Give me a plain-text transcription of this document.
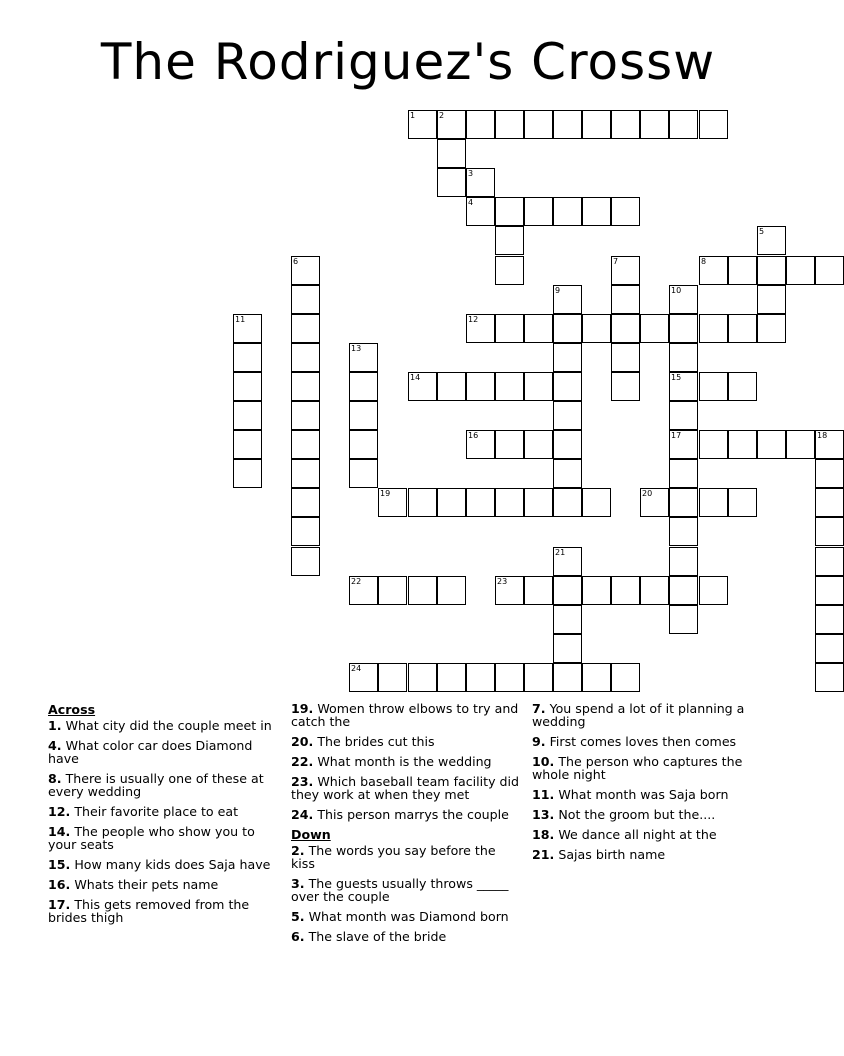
The Rodriguez's Crossw
1	2
3
4
5
6	7	8
9	10
11	12
13
14	15
16	17	18
19	20
21
22	23
24
Across
1. What city did the couple meet in
4. What color car does Diamond have
8. There is usually one of these at every wedding
12. Their favorite place to eat
14. The people who show you to your seats
15. How many kids does Saja have
16. Whats their pets name
17. This gets removed from the brides thigh
19. Women throw elbows to try and catch the
20. The brides cut this
22. What month is the wedding
23. Which baseball team facility did they work at when they met
24. This person marrys the couple
Down
2. The words you say before the kiss
3. The guests usually throws _____ over the couple
5. What month was Diamond born
6. The slave of the bride
7. You spend a lot of it planning a wedding
9. First comes loves then comes
10. The person who captures the whole night
11. What month was Saja born
13. Not the groom but the....
18. We dance all night at the
21. Sajas birth name
